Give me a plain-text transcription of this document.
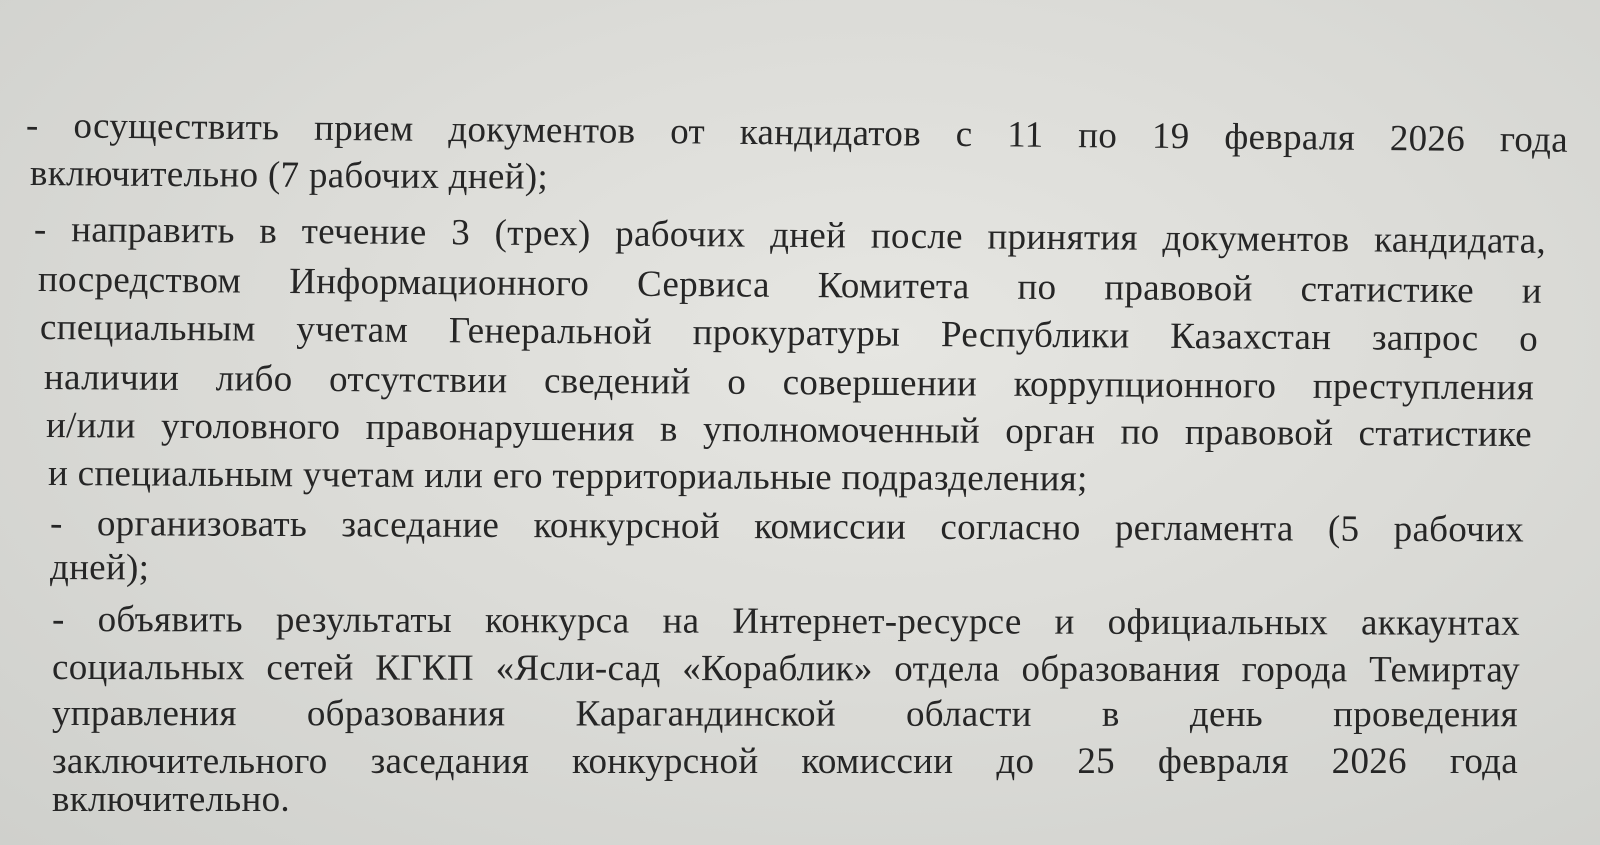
- осуществить прием документов от кандидатов с 11 по 19 февраля 2026 года
включительно (7 рабочих дней);
- направить в течение 3 (трех) рабочих дней после принятия документов кандидата,
посредством Информационного Сервиса Комитета по правовой статистике и
специальным учетам Генеральной прокуратуры Республики Казахстан запрос о
наличии либо отсутствии сведений о совершении коррупционного преступления
и/или уголовного правонарушения в уполномоченный орган по правовой статистике
и специальным учетам или его территориальные подразделения;
- организовать заседание конкурсной комиссии согласно регламента (5 рабочих
дней);
- объявить результаты конкурса на Интернет-ресурсе и официальных аккаунтах
социальных сетей КГКП «Ясли-сад «Кораблик» отдела образования города Темиртау
управления образования Карагандинской области в день проведения
заключительного заседания конкурсной комиссии до 25 февраля 2026 года
включительно.
